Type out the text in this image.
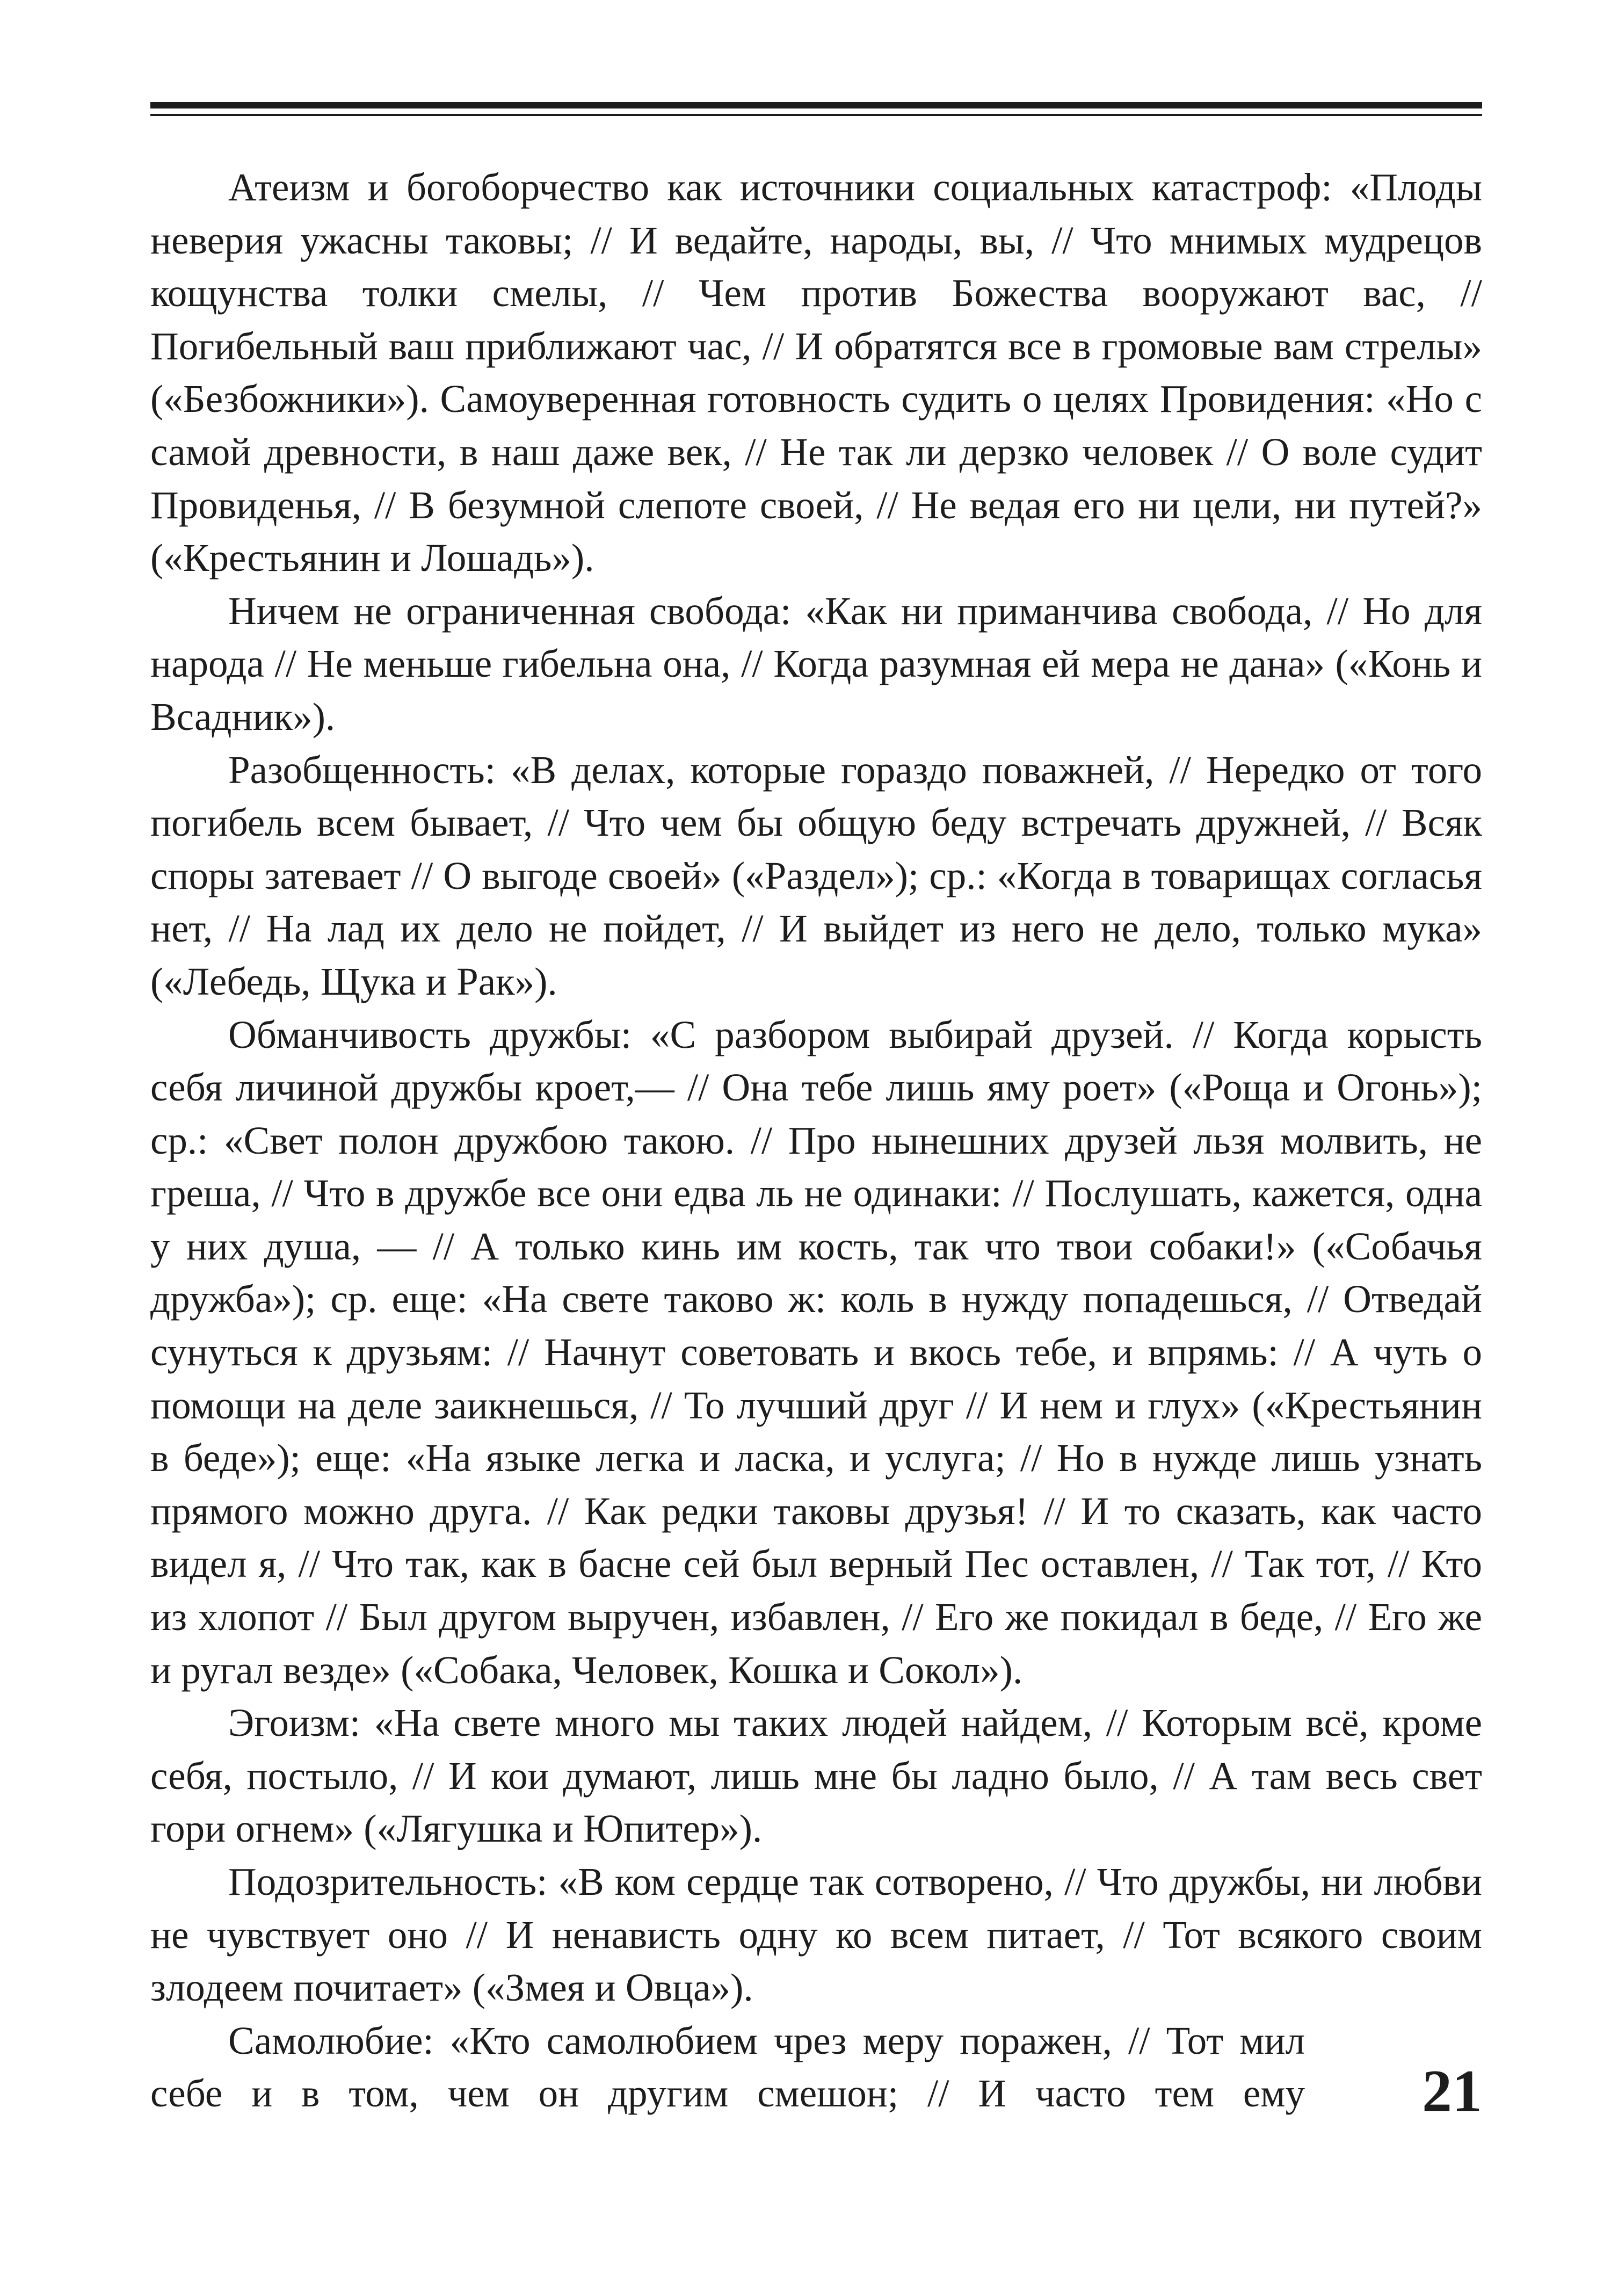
Атеизм и богоборчество как источники социальных катастроф: «Плоды неверия ужасны таковы; // И ведайте, народы, вы, // Что мнимых мудрецов кощунства толки смелы, // Чем против Божества вооружают вас, // Погибельный ваш приближают час, // И обратятся все в громовые вам стрелы» («Безбожники»). Самоуверенная готовность судить о целях Провидения: «Но с самой древности, в наш даже век, // Не так ли дерзко человек // О воле судит Провиденья, // В безумной слепоте своей, // Не ведая его ни цели, ни путей?» («Крестьянин и Лошадь»).

Ничем не ограниченная свобода: «Как ни приманчива свобода, // Но для народа // Не меньше гибельна она, // Когда разумная ей мера не дана» («Конь и Всадник»).

Разобщенность: «В делах, которые гораздо поважней, // Нередко от того погибель всем бывает, // Что чем бы общую беду встречать дружней, // Всяк споры затевает // О выгоде своей» («Раздел»); ср.: «Когда в товарищах согласья нет, // На лад их дело не пойдет, // И выйдет из него не дело, только мука» («Лебедь, Щука и Рак»).

Обманчивость дружбы: «С разбором выбирай друзей. // Когда корысть себя личиной дружбы кроет,— // Она тебе лишь яму роет» («Роща и Огонь»); ср.: «Свет полон дружбою такою. // Про нынешних друзей льзя молвить, не греша, // Что в дружбе все они едва ль не одинаки: // Послушать, кажется, одна у них душа, — // А только кинь им кость, так что твои собаки!» («Собачья дружба»); ср. еще: «На свете таково ж: коль в нужду попадешься, // Отведай сунуться к друзьям: // Начнут советовать и вкось тебе, и впрямь: // А чуть о помощи на деле заикнешься, // То лучший друг // И нем и глух» («Крестьянин в беде»); еще: «На языке легка и ласка, и услуга; // Но в нужде лишь узнать прямого можно друга. // Как редки таковы друзья! // И то сказать, как часто видел я, // Что так, как в басне сей был верный Пес оставлен, // Так тот, // Кто из хлопот // Был другом выручен, избавлен, // Его же покидал в беде, // Его же и ругал везде» («Собака, Человек, Кошка и Сокол»).

Эгоизм: «На свете много мы таких людей найдем, // Которым всё, кроме себя, постыло, // И кои думают, лишь мне бы ладно было, // А там весь свет гори огнем» («Лягушка и Юпитер»).

Подозрительность: «В ком сердце так сотворено, // Что дружбы, ни любви не чувствует оно // И ненависть одну ко всем питает, // Тот всякого своим злодеем почитает» («Змея и Овца»).

Самолюбие: «Кто самолюбием чрез меру поражен, // Тот мил себе и в том, чем он другим смешон; // И часто тем ему 21
